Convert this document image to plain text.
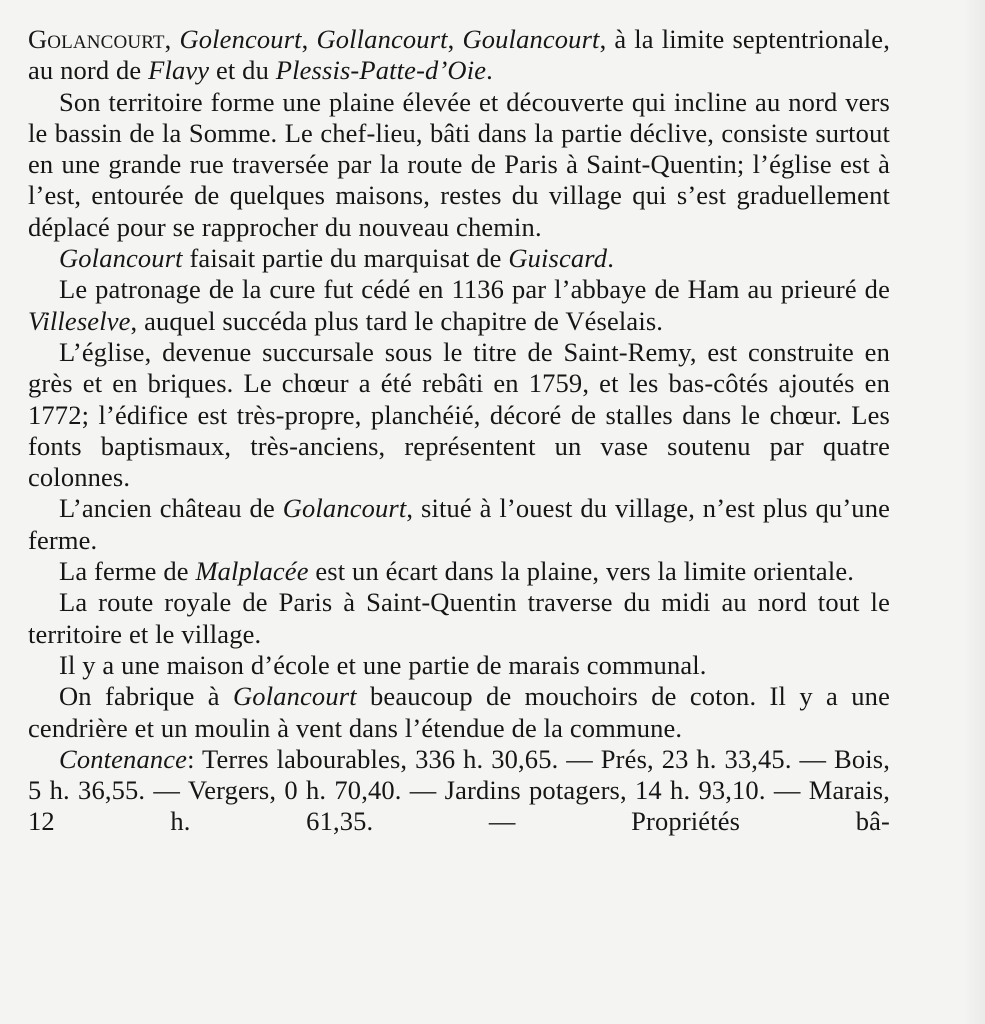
Golancourt, Golencourt, Gollancourt, Goulancourt, à la limite septentrionale, au nord de Flavy et du Plessis-Patte-d’Oie.

Son territoire forme une plaine élevée et découverte qui incline au nord vers le bassin de la Somme. Le chef-lieu, bâti dans la partie déclive, consiste surtout en une grande rue traversée par la route de Paris à Saint-Quentin; l’église est à l’est, entourée de quelques maisons, restes du village qui s’est graduellement déplacé pour se rapprocher du nouveau chemin.

Golancourt faisait partie du marquisat de Guiscard.

Le patronage de la cure fut cédé en 1136 par l’abbaye de Ham au prieuré de Villeselve, auquel succéda plus tard le chapitre de Véselais.

L’église, devenue succursale sous le titre de Saint-Remy, est construite en grès et en briques. Le chœur a été rebâti en 1759, et les bas-côtés ajoutés en 1772; l’édifice est très-propre, planchéié, décoré de stalles dans le chœur. Les fonts baptismaux, très-anciens, représentent un vase soutenu par quatre colonnes.

L’ancien château de Golancourt, situé à l’ouest du village, n’est plus qu’une ferme.

La ferme de Malplacée est un écart dans la plaine, vers la limite orientale.

La route royale de Paris à Saint-Quentin traverse du midi au nord tout le territoire et le village.

Il y a une maison d’école et une partie de marais communal.

On fabrique à Golancourt beaucoup de mouchoirs de coton. Il y a une cendrière et un moulin à vent dans l’étendue de la commune.

Contenance: Terres labourables, 336 h. 30,65. — Prés, 23 h. 33,45. — Bois, 5 h. 36,55. — Vergers, 0 h. 70,40. — Jardins potagers, 14 h. 93,10. — Marais, 12 h. 61,35. — Propriétés bâ-
